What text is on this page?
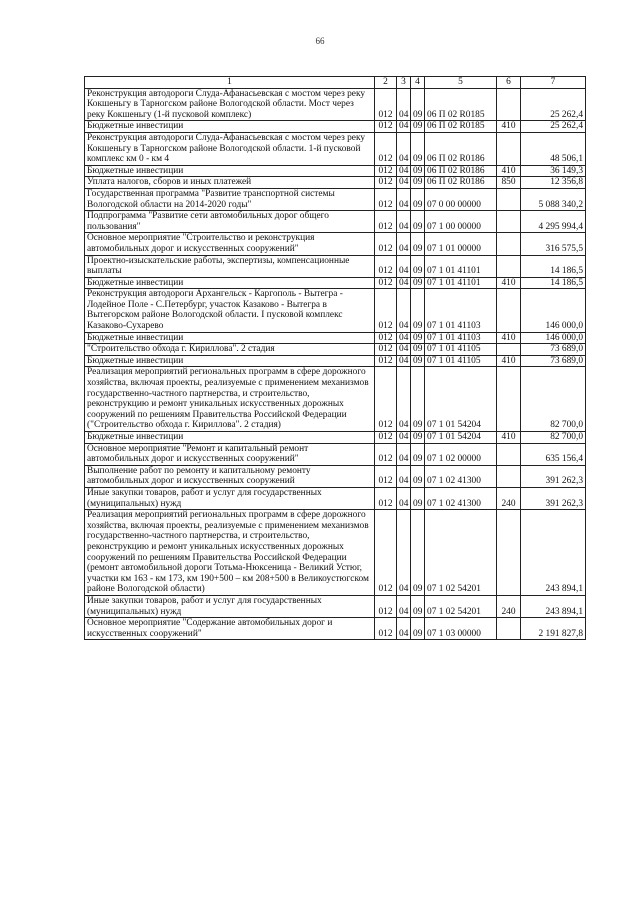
66
1	2	3	4	5	6	7
Реконструкция автодороги Слуда-Афанасьевская с мостом через реку Кокшеньгу в Тарногском районе Вологодской области. Мост через реку Кокшеньгу (1-й пусковой комплекс)	012	04	09	06 П 02 R0185		25 262,4
Бюджетные инвестиции	012	04	09	06 П 02 R0185	410	25 262,4
Реконструкция автодороги Слуда-Афанасьевская с мостом через реку Кокшеньгу в Тарногском районе Вологодской области. 1-й пусковой комплекс км 0 - км 4	012	04	09	06 П 02 R0186		48 506,1
Бюджетные инвестиции	012	04	09	06 П 02 R0186	410	36 149,3
Уплата налогов, сборов и иных платежей	012	04	09	06 П 02 R0186	850	12 356,8
Государственная программа "Развитие транспортной системы Вологодской области на 2014-2020 годы"	012	04	09	07 0 00 00000		5 088 340,2
Подпрограмма "Развитие сети автомобильных дорог общего пользования"	012	04	09	07 1 00 00000		4 295 994,4
Основное мероприятие "Строительство и реконструкция автомобильных дорог и искусственных сооружений"	012	04	09	07 1 01 00000		316 575,5
Проектно-изыскательские работы, экспертизы, компенсационные выплаты	012	04	09	07 1 01 41101		14 186,5
Бюджетные инвестиции	012	04	09	07 1 01 41101	410	14 186,5
Реконструкция автодороги Архангельск - Каргополь - Вытегра - Лодейное Поле - С.Петербург, участок Казаково - Вытегра в Вытегорском районе Вологодской области. I пусковой комплекс Казаково-Сухарево	012	04	09	07 1 01 41103		146 000,0
Бюджетные инвестиции	012	04	09	07 1 01 41103	410	146 000,0
"Строительство обхода г. Кириллова". 2 стадия	012	04	09	07 1 01 41105		73 689,0
Бюджетные инвестиции	012	04	09	07 1 01 41105	410	73 689,0
Реализация мероприятий региональных программ в сфере дорожного хозяйства, включая проекты, реализуемые с применением механизмов государственно-частного партнерства, и строительство, реконструкцию и ремонт уникальных искусственных дорожных сооружений по решениям Правительства Российской Федерации ("Строительство обхода г. Кириллова". 2 стадия)	012	04	09	07 1 01 54204		82 700,0
Бюджетные инвестиции	012	04	09	07 1 01 54204	410	82 700,0
Основное мероприятие "Ремонт и капитальный ремонт автомобильных дорог и искусственных сооружений"	012	04	09	07 1 02 00000		635 156,4
Выполнение работ по ремонту и капитальному ремонту автомобильных дорог и искусственных сооружений	012	04	09	07 1 02 41300		391 262,3
Иные закупки товаров, работ и услуг для государственных (муниципальных) нужд	012	04	09	07 1 02 41300	240	391 262,3
Реализация мероприятий региональных программ в сфере дорожного хозяйства, включая проекты, реализуемые с применением механизмов государственно-частного партнерства, и строительство, реконструкцию и ремонт уникальных искусственных дорожных сооружений по решениям Правительства Российской Федерации (ремонт автомобильной дороги Тотьма-Нюксеница - Великий Устюг, участки км 163 - км 173, км 190+500 – км 208+500 в Великоустюгском районе Вологодской области)	012	04	09	07 1 02 54201		243 894,1
Иные закупки товаров, работ и услуг для государственных (муниципальных) нужд	012	04	09	07 1 02 54201	240	243 894,1
Основное мероприятие "Содержание автомобильных дорог и искусственных сооружений"	012	04	09	07 1 03 00000		2 191 827,8
